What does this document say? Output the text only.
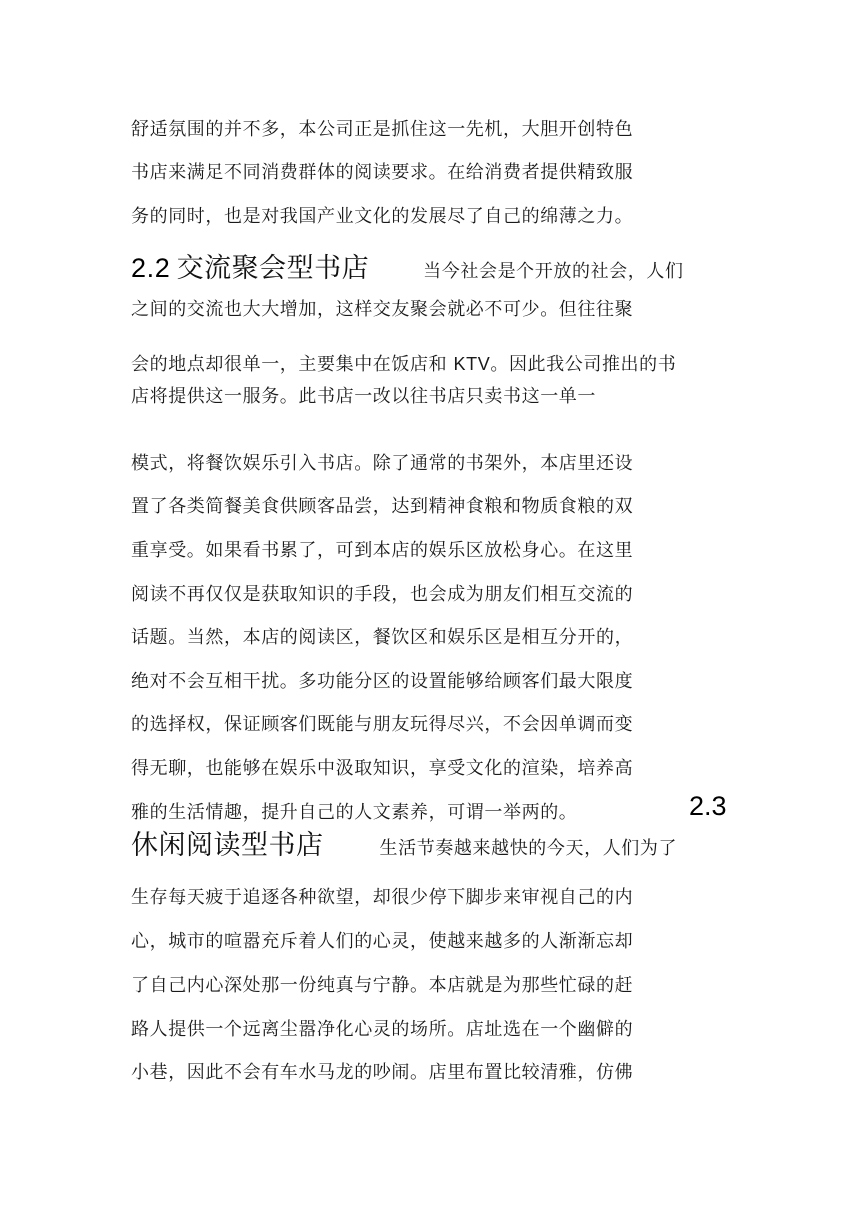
舒适氛围的并不多，本公司正是抓住这一先机，大胆开创特色
书店来满足不同消费群体的阅读要求。在给消费者提供精致服
务的同时，也是对我国产业文化的发展尽了自己的绵薄之力。
2.2 交流聚会型书店	当今社会是个开放的社会，人们
之间的交流也大大增加，这样交友聚会就必不可少。但往往聚
会的地点却很单一，主要集中在饭店和 KTV。因此我公司推出的书
店将提供这一服务。此书店一改以往书店只卖书这一单一
模式，将餐饮娱乐引入书店。除了通常的书架外，本店里还设
置了各类简餐美食供顾客品尝，达到精神食粮和物质食粮的双
重享受。如果看书累了，可到本店的娱乐区放松身心。在这里
阅读不再仅仅是获取知识的手段，也会成为朋友们相互交流的
话题。当然，本店的阅读区，餐饮区和娱乐区是相互分开的，
绝对不会互相干扰。多功能分区的设置能够给顾客们最大限度
的选择权，保证顾客们既能与朋友玩得尽兴，不会因单调而变
得无聊，也能够在娱乐中汲取知识，享受文化的渲染，培养高
雅的生活情趣，提升自己的人文素养，可谓一举两的。	2.3
休闲阅读型书店	生活节奏越来越快的今天，人们为了
生存每天疲于追逐各种欲望，却很少停下脚步来审视自己的内
心，城市的喧嚣充斥着人们的心灵，使越来越多的人渐渐忘却
了自己内心深处那一份纯真与宁静。本店就是为那些忙碌的赶
路人提供一个远离尘嚣净化心灵的场所。店址选在一个幽僻的
小巷，因此不会有车水马龙的吵闹。店里布置比较清雅，仿佛
